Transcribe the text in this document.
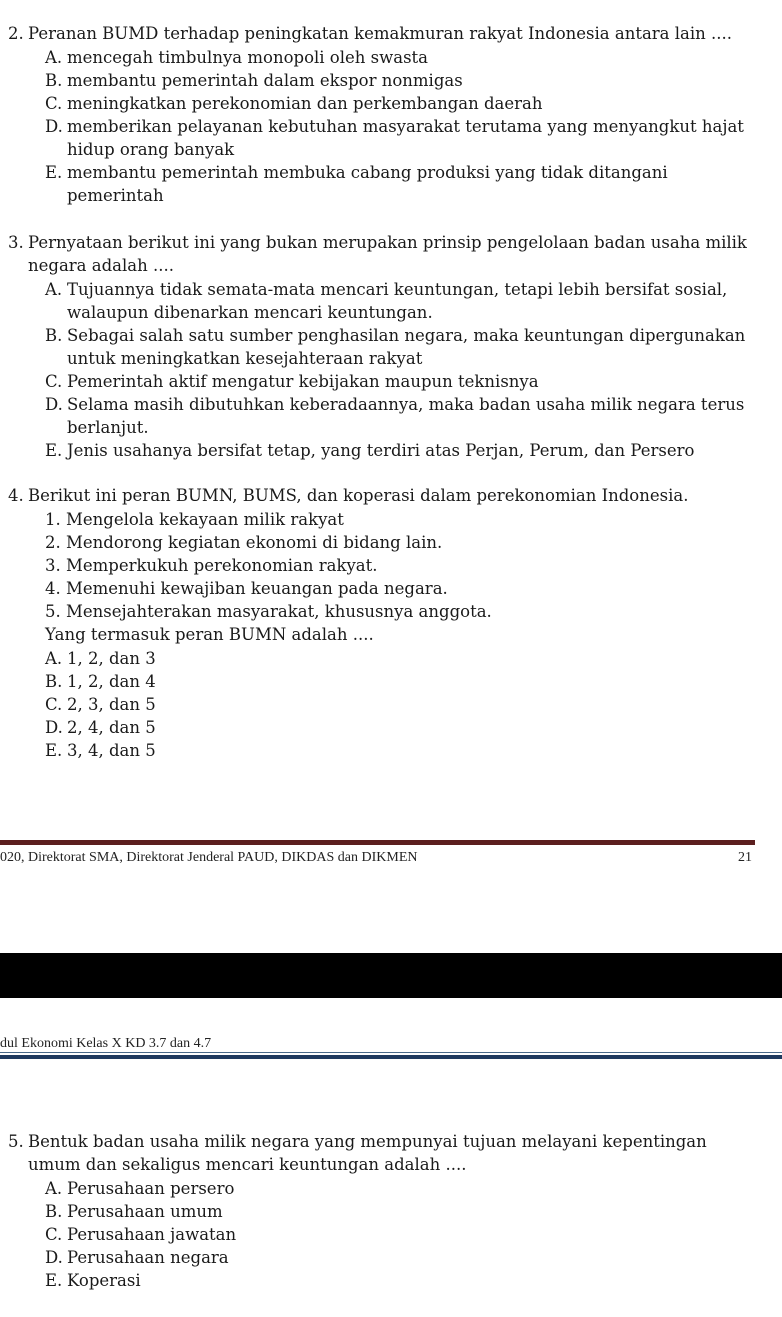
2. Peranan BUMD terhadap peningkatan kemakmuran rakyat Indonesia antara lain ....
A. mencegah timbulnya monopoli oleh swasta
B. membantu pemerintah dalam ekspor nonmigas
C. meningkatkan perekonomian dan perkembangan daerah
D. memberikan pelayanan kebutuhan masyarakat terutama yang menyangkut hajat hidup orang banyak
E. membantu pemerintah membuka cabang produksi yang tidak ditangani pemerintah
3. Pernyataan berikut ini yang bukan merupakan prinsip pengelolaan badan usaha milik negara adalah ....
A. Tujuannya tidak semata-mata mencari keuntungan, tetapi lebih bersifat sosial, walaupun dibenarkan mencari keuntungan.
B. Sebagai salah satu sumber penghasilan negara, maka keuntungan dipergunakan untuk meningkatkan kesejahteraan rakyat
C. Pemerintah aktif mengatur kebijakan maupun teknisnya
D. Selama masih dibutuhkan keberadaannya, maka badan usaha milik negara terus berlanjut.
E. Jenis usahanya bersifat tetap, yang terdiri atas Perjan, Perum, dan Persero
4. Berikut ini peran BUMN, BUMS, dan koperasi dalam perekonomian Indonesia.
1. Mengelola kekayaan milik rakyat
2. Mendorong kegiatan ekonomi di bidang lain.
3. Memperkukuh perekonomian rakyat.
4. Memenuhi kewajiban keuangan pada negara.
5. Mensejahterakan masyarakat, khususnya anggota.
Yang termasuk peran BUMN adalah ....
A. 1, 2, dan 3
B. 1, 2, dan 4
C. 2, 3, dan 5
D. 2, 4, dan 5
E. 3, 4, dan 5
020, Direktorat SMA, Direktorat Jenderal PAUD, DIKDAS dan DIKMEN	21
dul Ekonomi Kelas X KD 3.7 dan 4.7
5. Bentuk badan usaha milik negara yang mempunyai tujuan melayani kepentingan umum dan sekaligus mencari keuntungan adalah ....
A. Perusahaan persero
B. Perusahaan umum
C. Perusahaan jawatan
D. Perusahaan negara
E. Koperasi
